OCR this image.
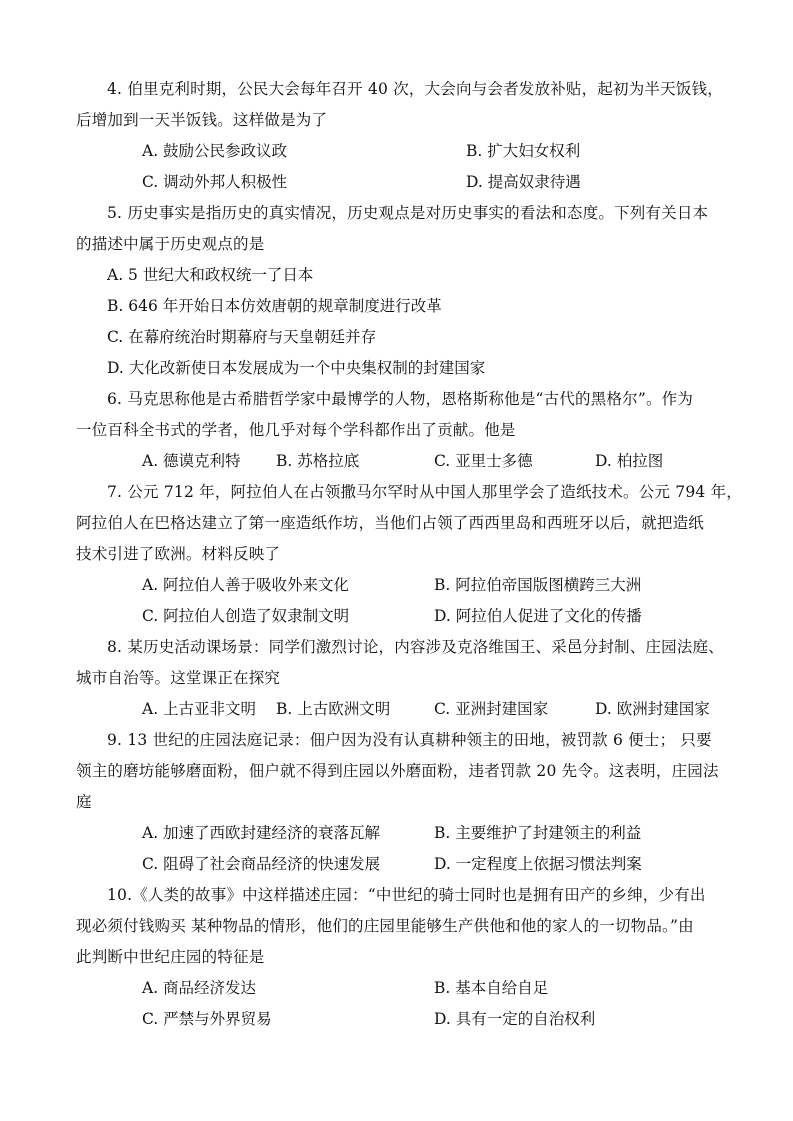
4. 伯里克利时期，公民大会每年召开 40 次，大会向与会者发放补贴，起初为半天饭钱，
后增加到一天半饭钱。这样做是为了
A. 鼓励公民参政议政	B. 扩大妇女权利
C. 调动外邦人积极性	D. 提高奴隶待遇
5. 历史事实是指历史的真实情况，历史观点是对历史事实的看法和态度。下列有关日本
的描述中属于历史观点的是
A. 5 世纪大和政权统一了日本
B. 646 年开始日本仿效唐朝的规章制度进行改革
C. 在幕府统治时期幕府与天皇朝廷并存
D. 大化改新使日本发展成为一个中央集权制的封建国家
6. 马克思称他是古希腊哲学家中最博学的人物，恩格斯称他是“古代的黑格尔”。作为
一位百科全书式的学者，他几乎对每个学科都作出了贡献。他是
A. 德谟克利特 B. 苏格拉底	C. 亚里士多德	D. 柏拉图
7. 公元 712 年，阿拉伯人在占领撒马尔罕时从中国人那里学会了造纸技术。公元 794 年，
阿拉伯人在巴格达建立了第一座造纸作坊，当他们占领了西西里岛和西班牙以后，就把造纸
技术引进了欧洲。材料反映了
A. 阿拉伯人善于吸收外来文化	B. 阿拉伯帝国版图横跨三大洲
C. 阿拉伯人创造了奴隶制文明	D. 阿拉伯人促进了文化的传播
8. 某历史活动课场景：同学们激烈讨论，内容涉及克洛维国王、采邑分封制、庄园法庭、
城市自治等。这堂课正在探究
A. 上古亚非文明 B. 上古欧洲文明	C. 亚洲封建国家	D. 欧洲封建国家
9. 13 世纪的庄园法庭记录：佃户因为没有认真耕种领主的田地，被罚款 6 便士； 只要
领主的磨坊能够磨面粉，佃户就不得到庄园以外磨面粉，违者罚款 20 先令。这表明，庄园法
庭
A. 加速了西欧封建经济的衰落瓦解	B. 主要维护了封建领主的利益
C. 阻碍了社会商品经济的快速发展	D. 一定程度上依据习惯法判案
10.《人类的故事》中这样描述庄园：“中世纪的骑士同时也是拥有田产的乡绅，少有出
现必须付钱购买 某种物品的情形，他们的庄园里能够生产供他和他的家人的一切物品。”由
此判断中世纪庄园的特征是
A. 商品经济发达	B. 基本自给自足
C. 严禁与外界贸易	D. 具有一定的自治权利
